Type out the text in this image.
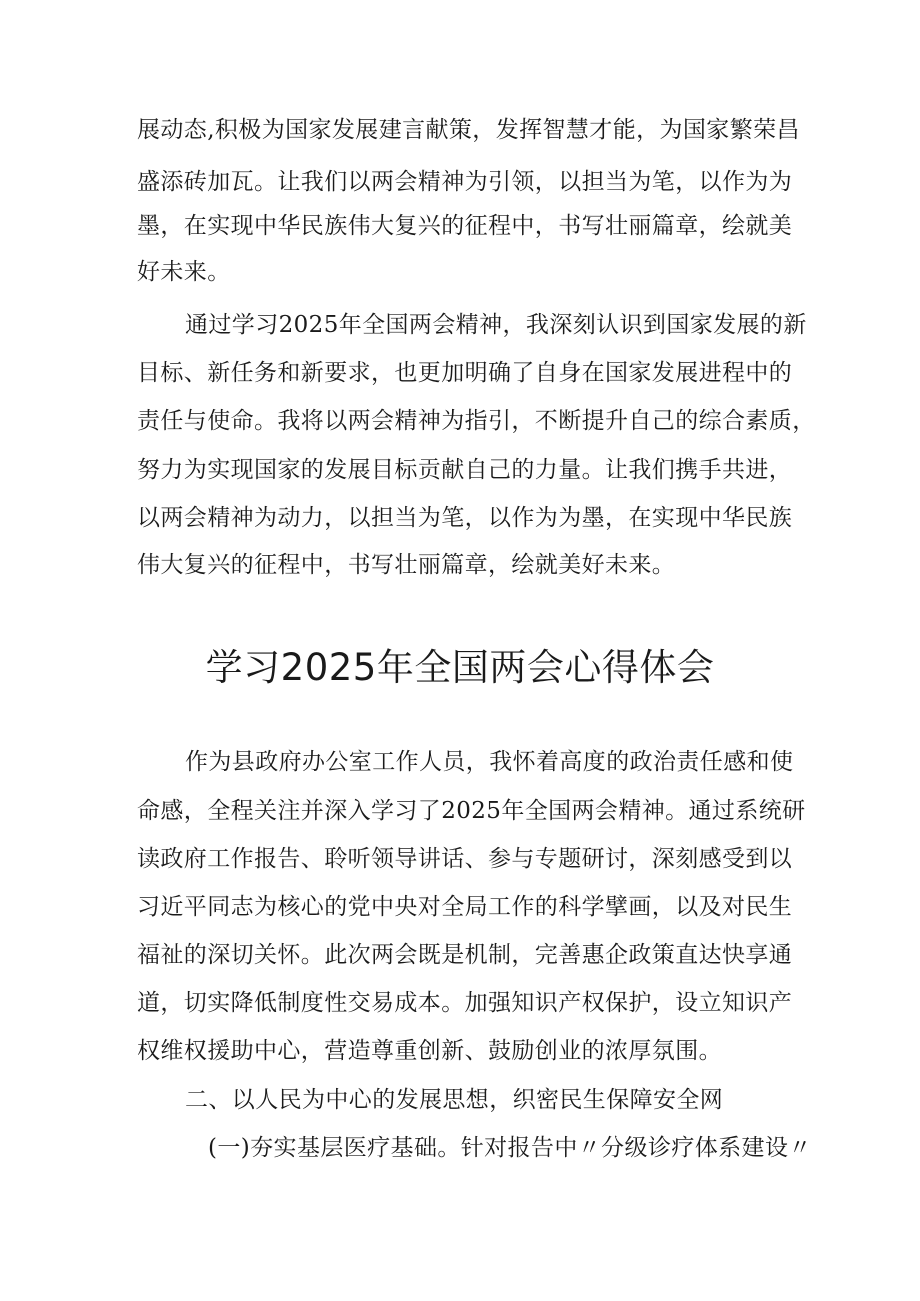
展动态,积极为国家发展建言献策，发挥智慧才能，为国家繁荣昌
盛添砖加瓦。让我们以两会精神为引领，以担当为笔，以作为为
墨，在实现中华民族伟大复兴的征程中，书写壮丽篇章，绘就美
好未来。
通过学习2025年全国两会精神，我深刻认识到国家发展的新
目标、新任务和新要求，也更加明确了自身在国家发展进程中的
责任与使命。我将以两会精神为指引，不断提升自己的综合素质，
努力为实现国家的发展目标贡献自己的力量。让我们携手共进，
以两会精神为动力，以担当为笔，以作为为墨，在实现中华民族
伟大复兴的征程中，书写壮丽篇章，绘就美好未来。
学习2025年全国两会心得体会
作为县政府办公室工作人员，我怀着高度的政治责任感和使
命感，全程关注并深入学习了2025年全国两会精神。通过系统研
读政府工作报告、聆听领导讲话、参与专题研讨，深刻感受到以
习近平同志为核心的党中央对全局工作的科学擘画，以及对民生
福祉的深切关怀。此次两会既是机制，完善惠企政策直达快享通
道，切实降低制度性交易成本。加强知识产权保护，设立知识产
权维权援助中心，营造尊重创新、鼓励创业的浓厚氛围。
二、以人民为中心的发展思想，织密民生保障安全网
(一)夯实基层医疗基础。针对报告中〃分级诊疗体系建设〃
